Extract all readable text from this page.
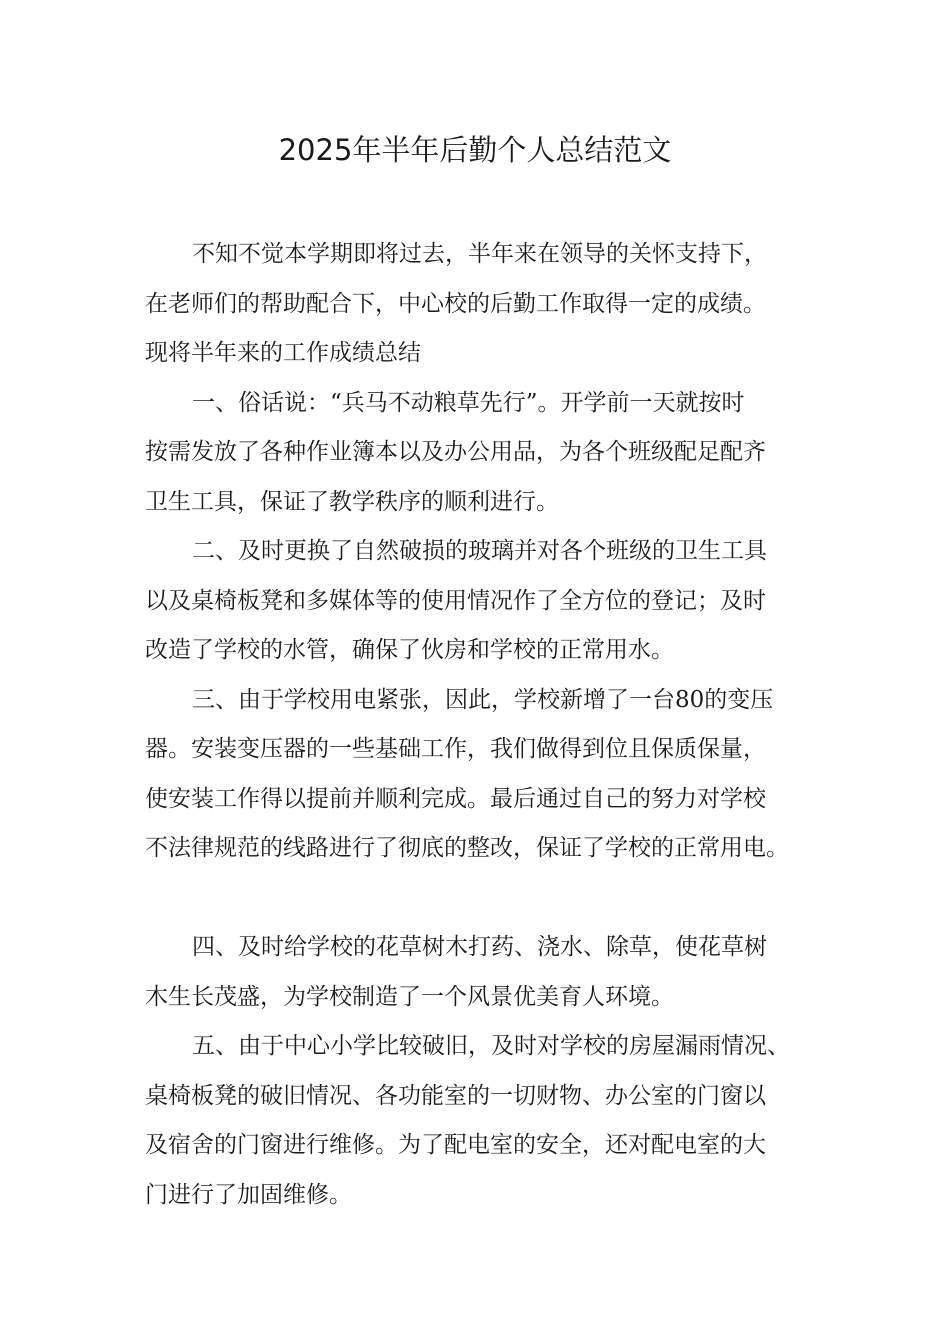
2025年半年后勤个人总结范文
不知不觉本学期即将过去，半年来在领导的关怀支持下，
在老师们的帮助配合下，中心校的后勤工作取得一定的成绩。
现将半年来的工作成绩总结
一、俗话说：“兵马不动粮草先行”。开学前一天就按时
按需发放了各种作业簿本以及办公用品，为各个班级配足配齐
卫生工具，保证了教学秩序的顺利进行。
二、及时更换了自然破损的玻璃并对各个班级的卫生工具
以及桌椅板凳和多媒体等的使用情况作了全方位的登记；及时
改造了学校的水管，确保了伙房和学校的正常用水。
三、由于学校用电紧张，因此，学校新增了一台80的变压
器。安装变压器的一些基础工作，我们做得到位且保质保量，
使安装工作得以提前并顺利完成。最后通过自己的努力对学校
不法律规范的线路进行了彻底的整改，保证了学校的正常用电。
四、及时给学校的花草树木打药、浇水、除草，使花草树
木生长茂盛，为学校制造了一个风景优美育人环境。
五、由于中心小学比较破旧，及时对学校的房屋漏雨情况、
桌椅板凳的破旧情况、各功能室的一切财物、办公室的门窗以
及宿舍的门窗进行维修。为了配电室的安全，还对配电室的大
门进行了加固维修。
